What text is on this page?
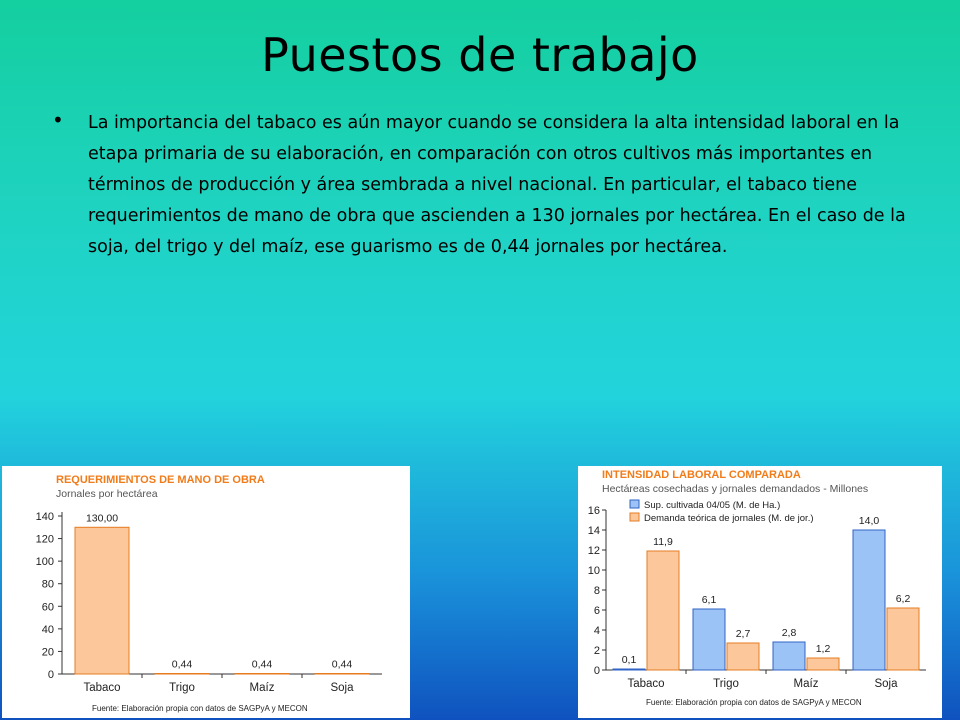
Puestos de trabajo
• La importancia del tabaco es aún mayor cuando se considera la alta intensidad laboral en la etapa primaria de su elaboración, en comparación con otros cultivos más importantes en términos de producción y área sembrada a nivel nacional. En particular, el tabaco tiene requerimientos de mano de obra que ascienden a 130 jornales por hectárea. En el caso de la soja, del trigo y del maíz, ese guarismo es de 0,44 jornales por hectárea.
REQUERIMIENTOS DE MANO DE OBRA
Jornales por hectárea
0
20
40
60
80
100
120
140	130,00
Tabaco
0,44
Trigo
0,44
Maíz
0,44
Soja
Fuente: Elaboración propia con datos de SAGPyA y MECON
INTENSIDAD LABORAL COMPARADA
Hectáreas cosechadas y jornales demandados - Millones
0
2
4
6
8
10
12
14
16
0,1
11,9
Tabaco
6,1
2,7
Trigo
2,8
1,2
Maíz
14,0
6,2
Soja
Sup. cultivada 04/05 (M. de Ha.)
Demanda teórica de jornales (M. de jor.)
Fuente: Elaboración propia con datos de SAGPyA y MECON
